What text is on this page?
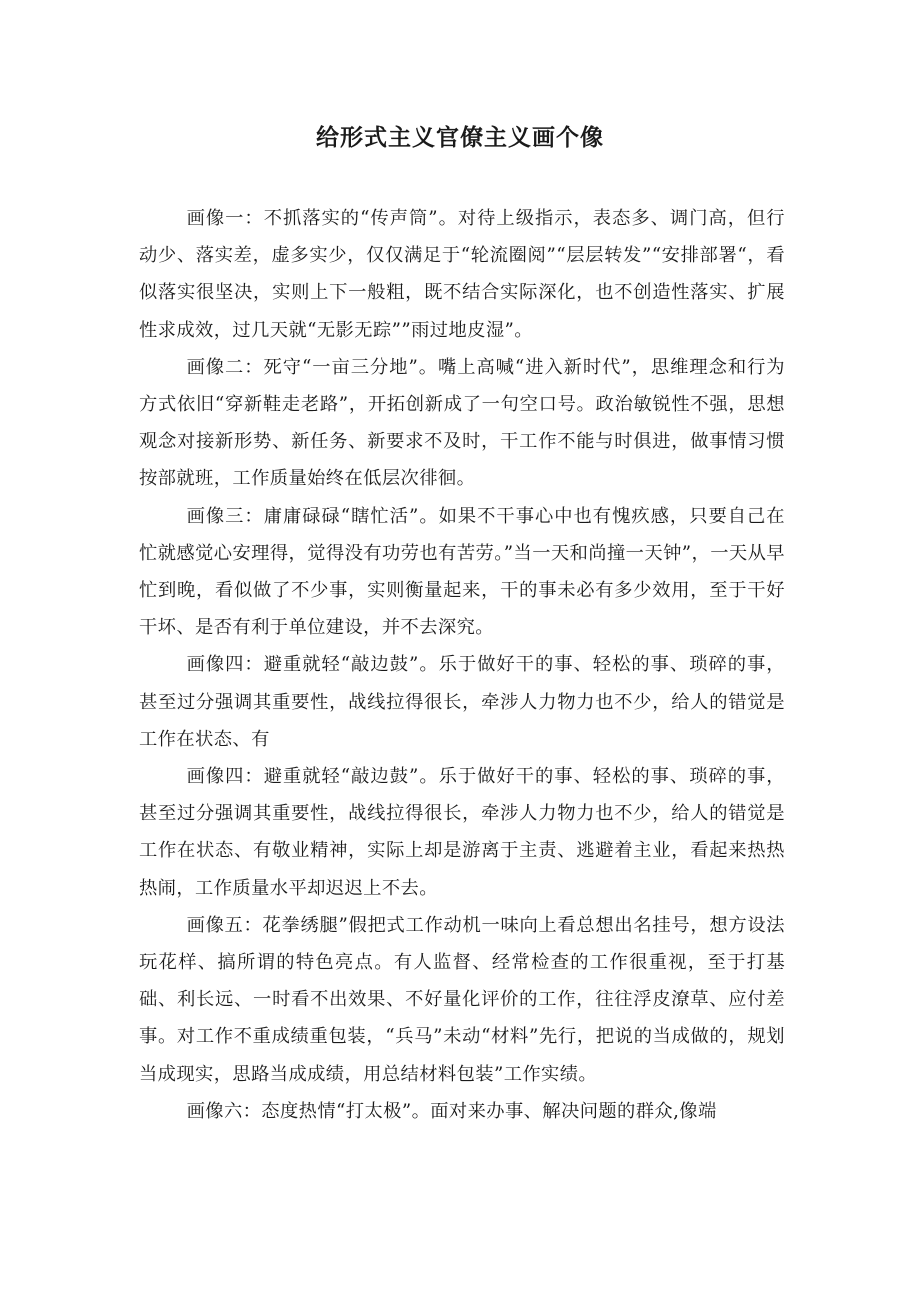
给形式主义官僚主义画个像

画像一：不抓落实的“传声筒”。对待上级指示，表态多、调门高，但行动少、落实差，虚多实少，仅仅满足于“轮流圈阅”“层层转发”“安排部署“，看似落实很坚决，实则上下一般粗，既不结合实际深化，也不创造性落实、扩展性求成效，过几天就“无影无踪””雨过地皮湿”。

画像二：死守“一亩三分地”。嘴上高喊“进入新时代”，思维理念和行为方式依旧“穿新鞋走老路”，开拓创新成了一句空口号。政治敏锐性不强，思想观念对接新形势、新任务、新要求不及时，干工作不能与时俱进，做事情习惯按部就班，工作质量始终在低层次徘徊。

画像三：庸庸碌碌“瞎忙活”。如果不干事心中也有愧疚感，只要自己在忙就感觉心安理得，觉得没有功劳也有苦劳。”当一天和尚撞一天钟”，一天从早忙到晚，看似做了不少事，实则衡量起来，干的事未必有多少效用，至于干好干坏、是否有利于单位建设，并不去深究。

画像四：避重就轻“敲边鼓”。乐于做好干的事、轻松的事、琐碎的事，甚至过分强调其重要性，战线拉得很长，牵涉人力物力也不少，给人的错觉是工作在状态、有

画像四：避重就轻“敲边鼓”。乐于做好干的事、轻松的事、琐碎的事，甚至过分强调其重要性，战线拉得很长，牵涉人力物力也不少，给人的错觉是工作在状态、有敬业精神，实际上却是游离于主责、逃避着主业，看起来热热热闹，工作质量水平却迟迟上不去。

画像五：花拳绣腿”假把式工作动机一味向上看总想出名挂号，想方设法玩花样、搞所谓的特色亮点。有人监督、经常检查的工作很重视，至于打基础、利长远、一时看不出效果、不好量化评价的工作，往往浮皮潦草、应付差事。对工作不重成绩重包装，“兵马”未动“材料”先行，把说的当成做的，规划当成现实，思路当成成绩，用总结材料包装”工作实绩。

画像六：态度热情“打太极”。面对来办事、解决问题的群众,像端
